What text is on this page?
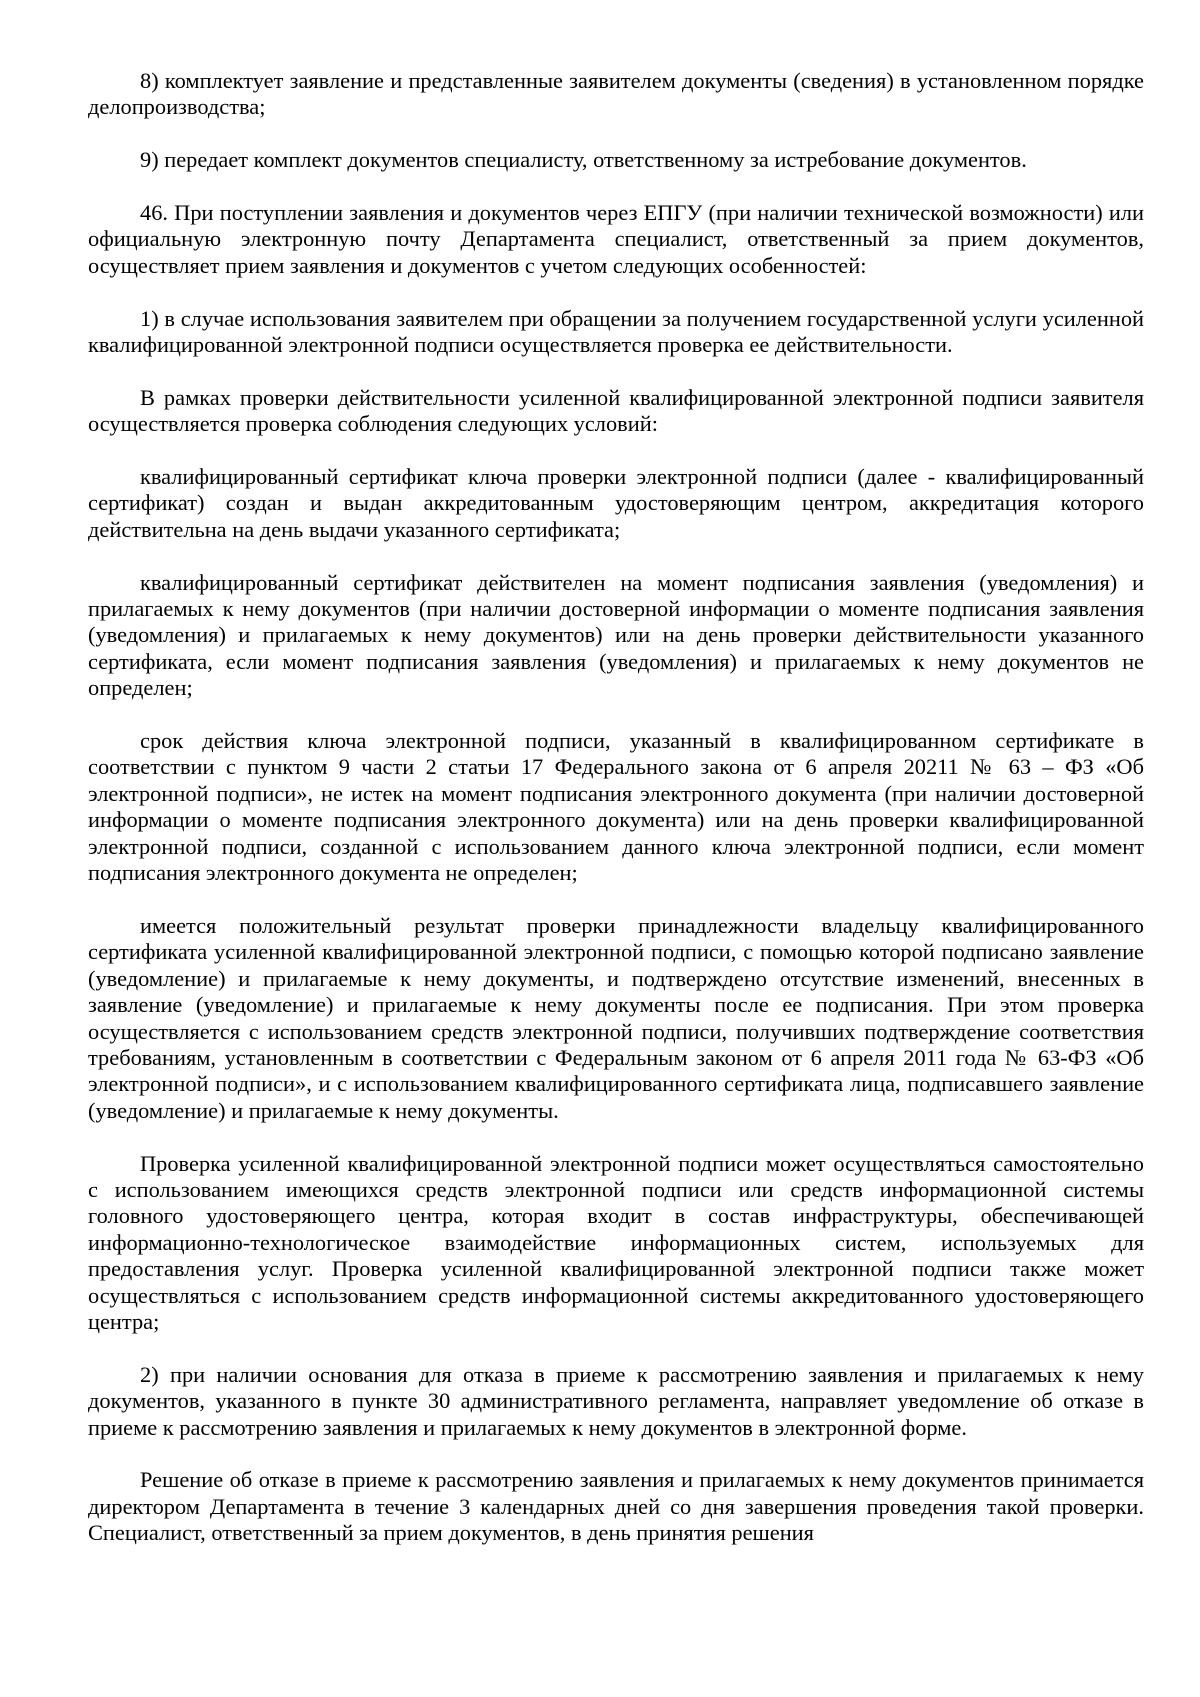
8) комплектует заявление и представленные заявителем документы (сведения) в установленном порядке делопроизводства;

9) передает комплект документов специалисту, ответственному за истребование документов.

46. При поступлении заявления и документов через ЕПГУ (при наличии технической возможности) или официальную электронную почту Департамента специалист, ответственный за прием документов, осуществляет прием заявления и документов с учетом следующих особенностей:

1) в случае использования заявителем при обращении за получением государственной услуги усиленной квалифицированной электронной подписи осуществляется проверка ее действительности.

В рамках проверки действительности усиленной квалифицированной электронной подписи заявителя осуществляется проверка соблюдения следующих условий:

квалифицированный сертификат ключа проверки электронной подписи (далее - квалифицированный сертификат) создан и выдан аккредитованным удостоверяющим центром, аккредитация которого действительна на день выдачи указанного сертификата;

квалифицированный сертификат действителен на момент подписания заявления (уведомления) и прилагаемых к нему документов (при наличии достоверной информации о моменте подписания заявления (уведомления) и прилагаемых к нему документов) или на день проверки действительности указанного сертификата, если момент подписания заявления (уведомления) и прилагаемых к нему документов не определен;

срок действия ключа электронной подписи, указанный в квалифицированном сертификате в соответствии с пунктом 9 части 2 статьи 17 Федерального закона от 6 апреля 20211 № 63 – ФЗ «Об электронной подписи», не истек на момент подписания электронного документа (при наличии достоверной информации о моменте подписания электронного документа) или на день проверки квалифицированной электронной подписи, созданной с использованием данного ключа электронной подписи, если момент подписания электронного документа не определен;

имеется положительный результат проверки принадлежности владельцу квалифицированного сертификата усиленной квалифицированной электронной подписи, с помощью которой подписано заявление (уведомление) и прилагаемые к нему документы, и подтверждено отсутствие изменений, внесенных в заявление (уведомление) и прилагаемые к нему документы после ее подписания. При этом проверка осуществляется с использованием средств электронной подписи, получивших подтверждение соответствия требованиям, установленным в соответствии с Федеральным законом от 6 апреля 2011 года № 63-ФЗ «Об электронной подписи», и с использованием квалифицированного сертификата лица, подписавшего заявление (уведомление) и прилагаемые к нему документы.

Проверка усиленной квалифицированной электронной подписи может осуществляться самостоятельно с использованием имеющихся средств электронной подписи или средств информационной системы головного удостоверяющего центра, которая входит в состав инфраструктуры, обеспечивающей информационно-технологическое взаимодействие информационных систем, используемых для предоставления услуг. Проверка усиленной квалифицированной электронной подписи также может осуществляться с использованием средств информационной системы аккредитованного удостоверяющего центра;

2) при наличии основания для отказа в приеме к рассмотрению заявления и прилагаемых к нему документов, указанного в пункте 30 административного регламента, направляет уведомление об отказе в приеме к рассмотрению заявления и прилагаемых к нему документов в электронной форме.

Решение об отказе в приеме к рассмотрению заявления и прилагаемых к нему документов принимается директором Департамента в течение 3 календарных дней со дня завершения проведения такой проверки. Специалист, ответственный за прием документов, в день принятия решения
